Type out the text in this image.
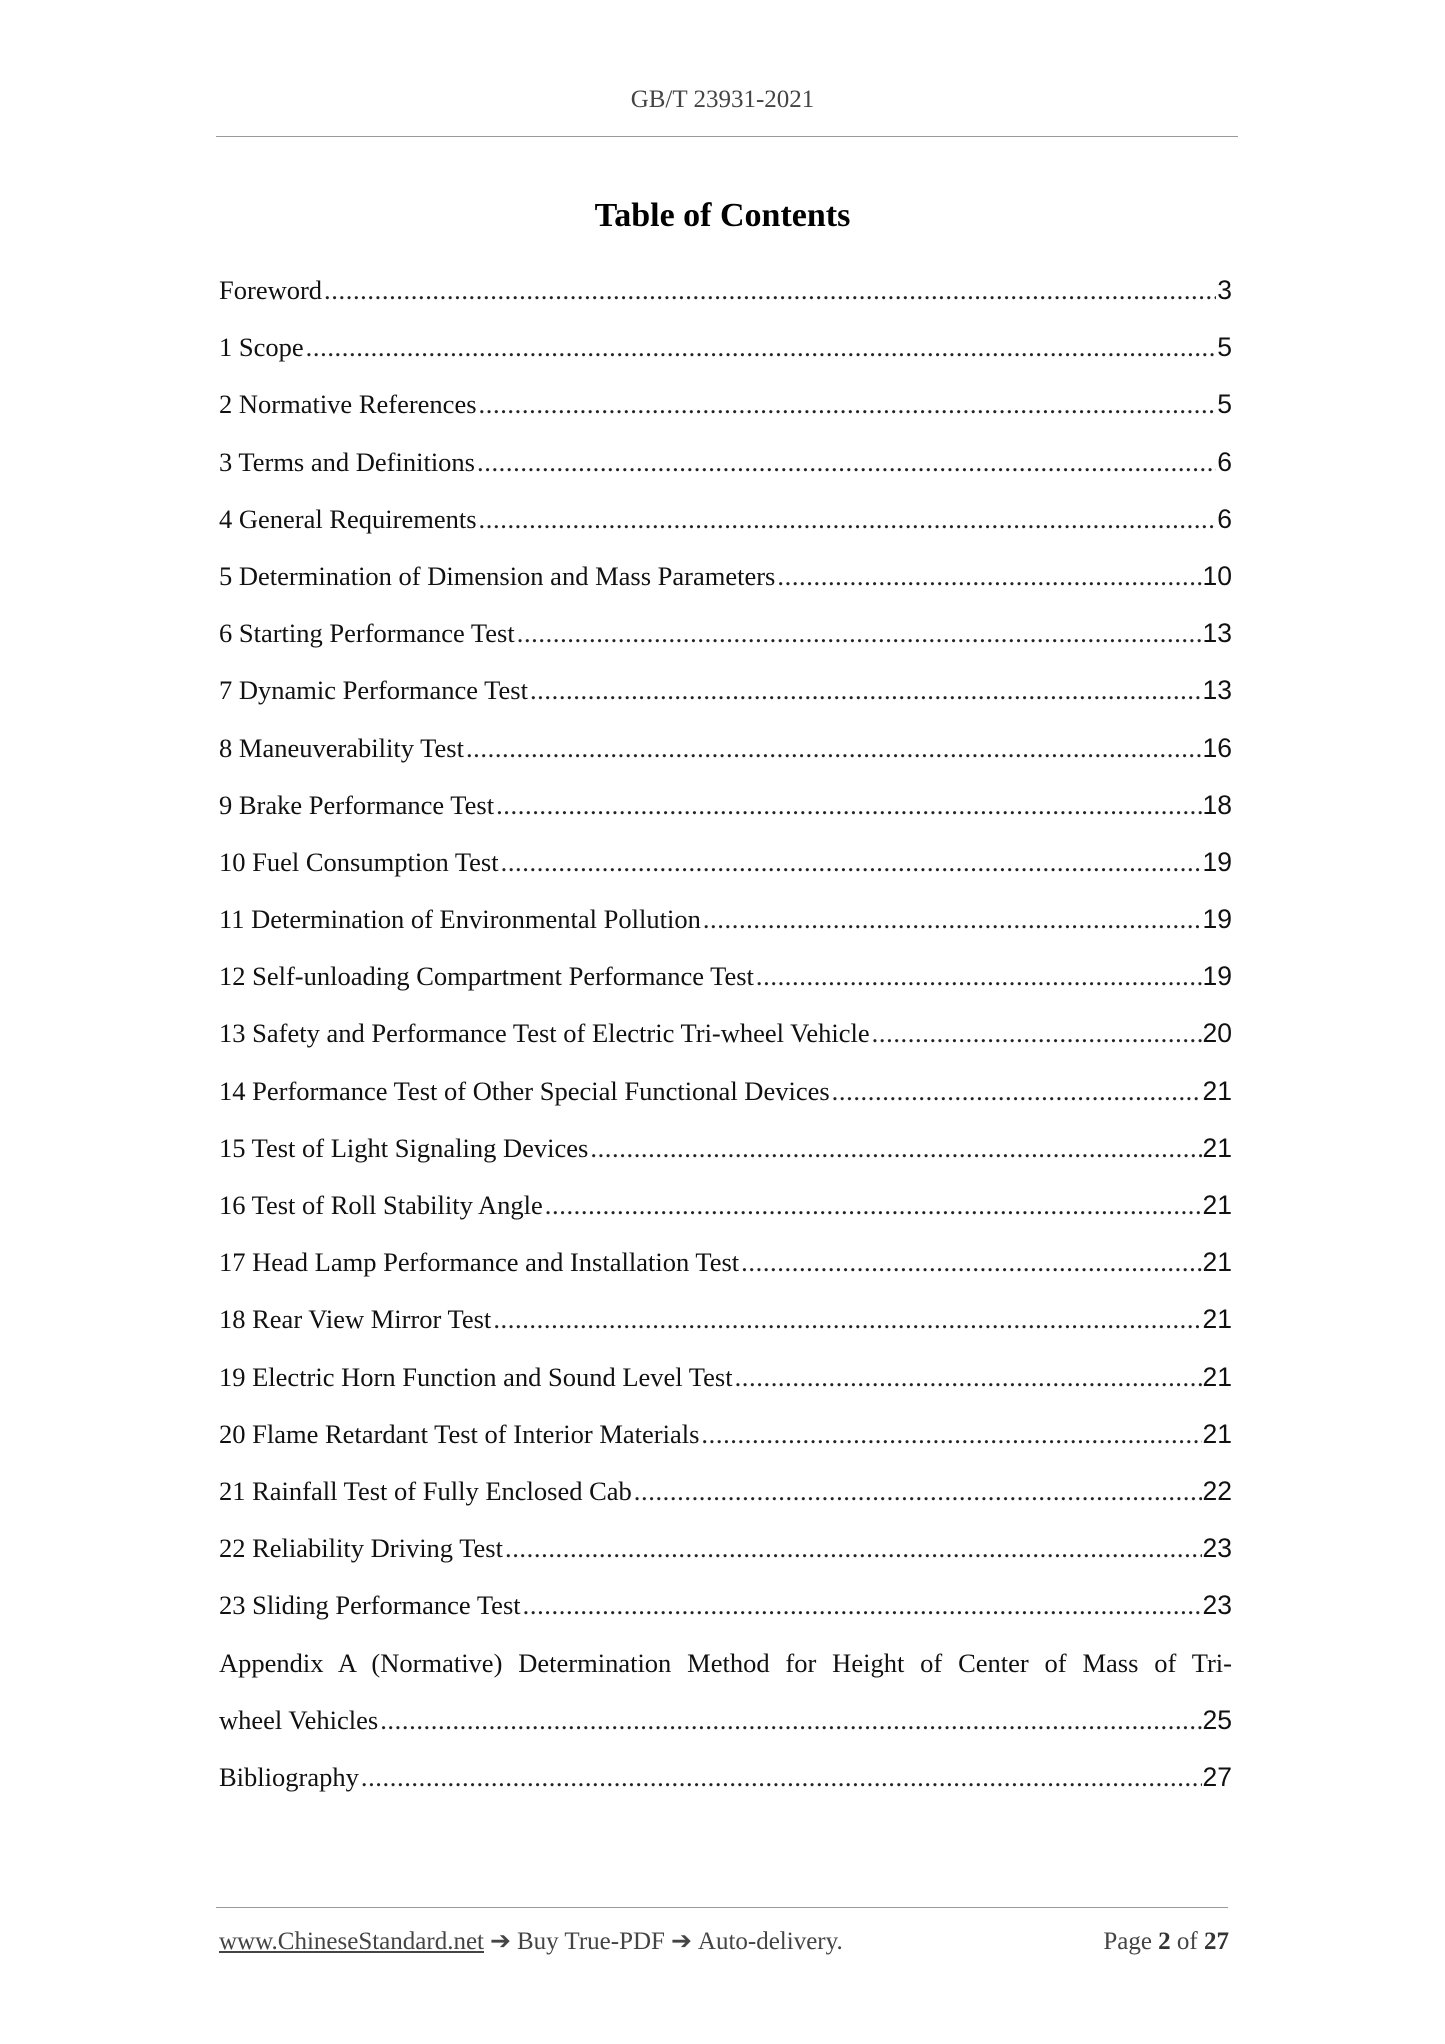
GB/T 23931-2021
Table of Contents
Foreword .....	3
1 Scope .....	5
2 Normative References .....	5
3 Terms and Definitions .....	6
4 General Requirements .....	6
5 Determination of Dimension and Mass Parameters .....	10
6 Starting Performance Test .....	13
7 Dynamic Performance Test .....	13
8 Maneuverability Test .....	16
9 Brake Performance Test .....	18
10 Fuel Consumption Test .....	19
11 Determination of Environmental Pollution .....	19
12 Self-unloading Compartment Performance Test .....	19
13 Safety and Performance Test of Electric Tri-wheel Vehicle .....	20
14 Performance Test of Other Special Functional Devices .....	21
15 Test of Light Signaling Devices .....	21
16 Test of Roll Stability Angle .....	21
17 Head Lamp Performance and Installation Test .....	21
18 Rear View Mirror Test .....	21
19 Electric Horn Function and Sound Level Test .....	21
20 Flame Retardant Test of Interior Materials .....	21
21 Rainfall Test of Fully Enclosed Cab .....	22
22 Reliability Driving Test .....	23
23 Sliding Performance Test .....	23
Appendix A (Normative) Determination Method for Height of Center of Mass of Tri-
wheel Vehicles .....	25
Bibliography .....	27
www.ChineseStandard.net ➔ Buy True-PDF ➔ Auto-delivery.	Page 2 of 27
